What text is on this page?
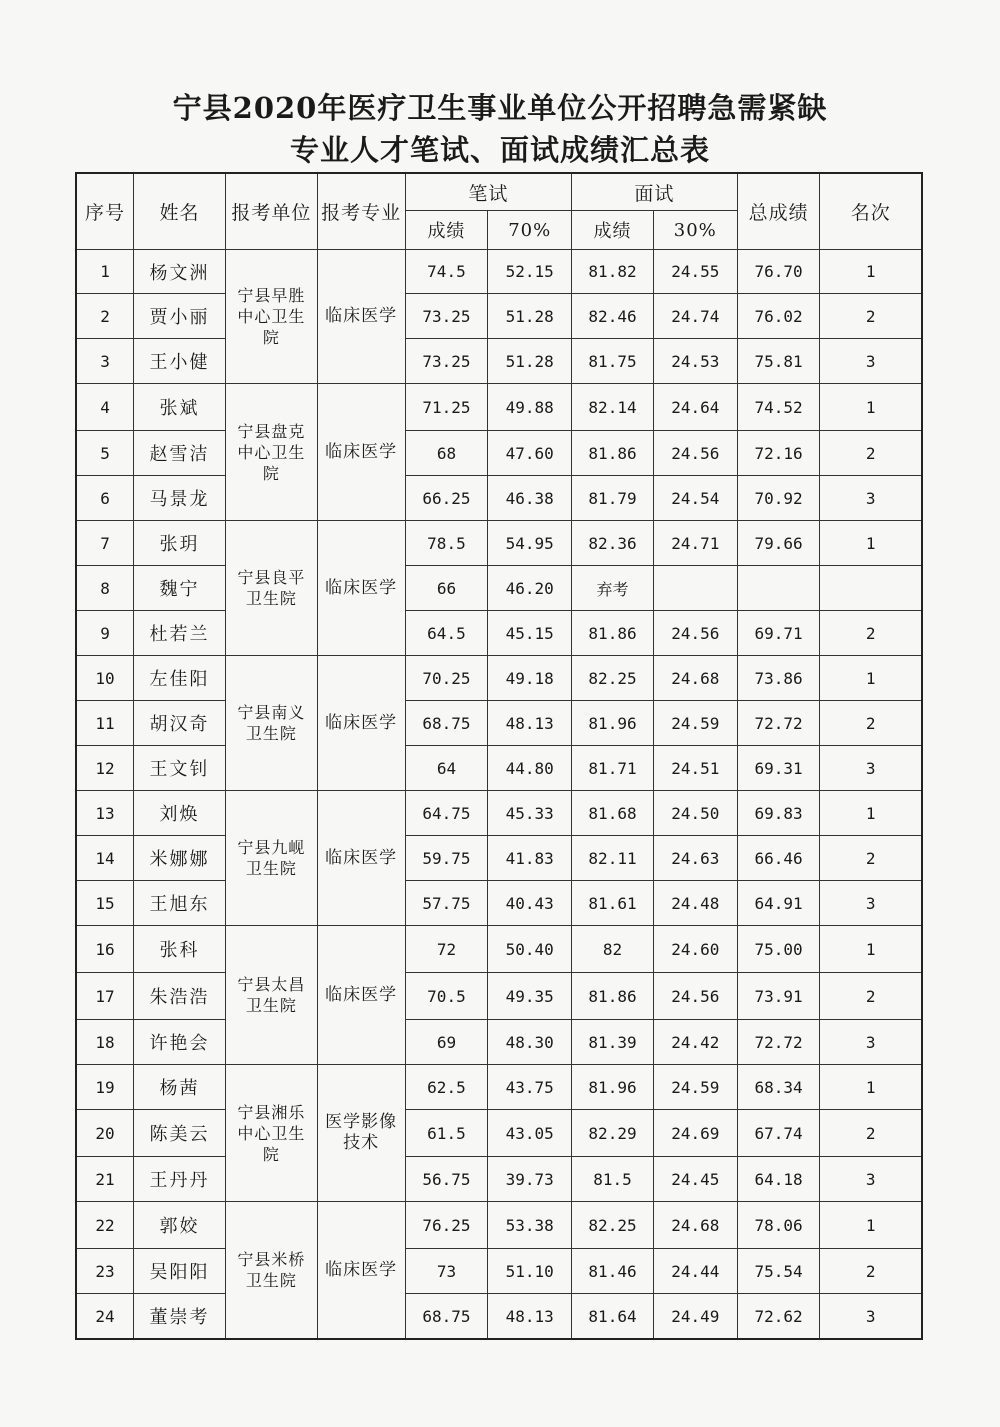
宁县2020年医疗卫生事业单位公开招聘急需紧缺
专业人才笔试、面试成绩汇总表
序号	姓名	报考单位	报考专业	笔试		面试		总成绩	名次
				成绩	70%	成绩	30%		
1	杨文洲	宁县早胜中心卫生院	临床医学	74.5	52.15	81.82	24.55	76.70	1
2	贾小丽			73.25	51.28	82.46	24.74	76.02	2
3	王小健			73.25	51.28	81.75	24.53	75.81	3
4	张斌	宁县盘克中心卫生院	临床医学	71.25	49.88	82.14	24.64	74.52	1
5	赵雪洁			68	47.60	81.86	24.56	72.16	2
6	马景龙			66.25	46.38	81.79	24.54	70.92	3
7	张玥	宁县良平卫生院	临床医学	78.5	54.95	82.36	24.71	79.66	1
8	魏宁			66	46.20	弃考			
9	杜若兰			64.5	45.15	81.86	24.56	69.71	2
10	左佳阳	宁县南义卫生院	临床医学	70.25	49.18	82.25	24.68	73.86	1
11	胡汉奇			68.75	48.13	81.96	24.59	72.72	2
12	王文钊			64	44.80	81.71	24.51	69.31	3
13	刘焕	宁县九岘卫生院	临床医学	64.75	45.33	81.68	24.50	69.83	1
14	米娜娜			59.75	41.83	82.11	24.63	66.46	2
15	王旭东			57.75	40.43	81.61	24.48	64.91	3
16	张科	宁县太昌卫生院	临床医学	72	50.40	82	24.60	75.00	1
17	朱浩浩			70.5	49.35	81.86	24.56	73.91	2
18	许艳会			69	48.30	81.39	24.42	72.72	3
19	杨茜	宁县湘乐中心卫生院	医学影像技术	62.5	43.75	81.96	24.59	68.34	1
20	陈美云			61.5	43.05	82.29	24.69	67.74	2
21	王丹丹			56.75	39.73	81.5	24.45	64.18	3
22	郭姣	宁县米桥卫生院	临床医学	76.25	53.38	82.25	24.68	78.06	1
23	吴阳阳			73	51.10	81.46	24.44	75.54	2
24	董崇考			68.75	48.13	81.64	24.49	72.62	3
